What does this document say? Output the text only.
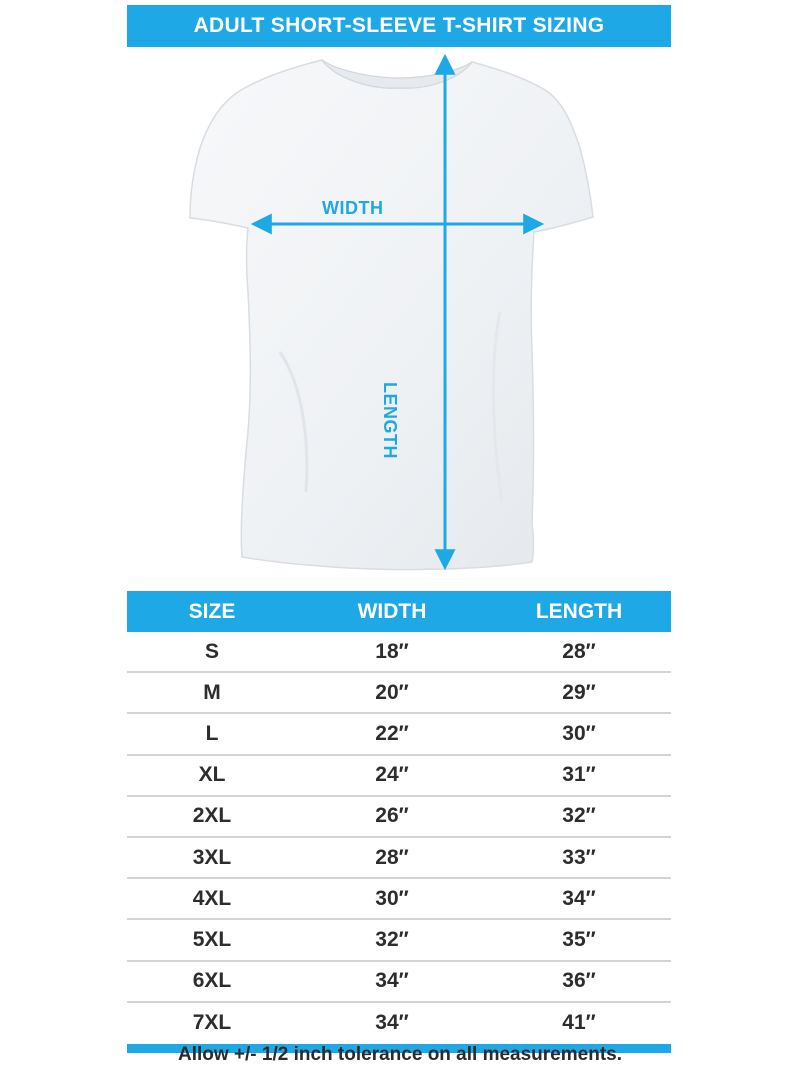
ADULT SHORT-SLEEVE T-SHIRT SIZING
WIDTH
LENGTH
SIZE	WIDTH	LENGTH
S	18″	28″
M	20″	29″
L	22″	30″
XL	24″	31″
2XL	26″	32″
3XL	28″	33″
4XL	30″	34″
5XL	32″	35″
6XL	34″	36″
7XL	34″	41″
Allow +/- 1/2 inch tolerance on all measurements.
